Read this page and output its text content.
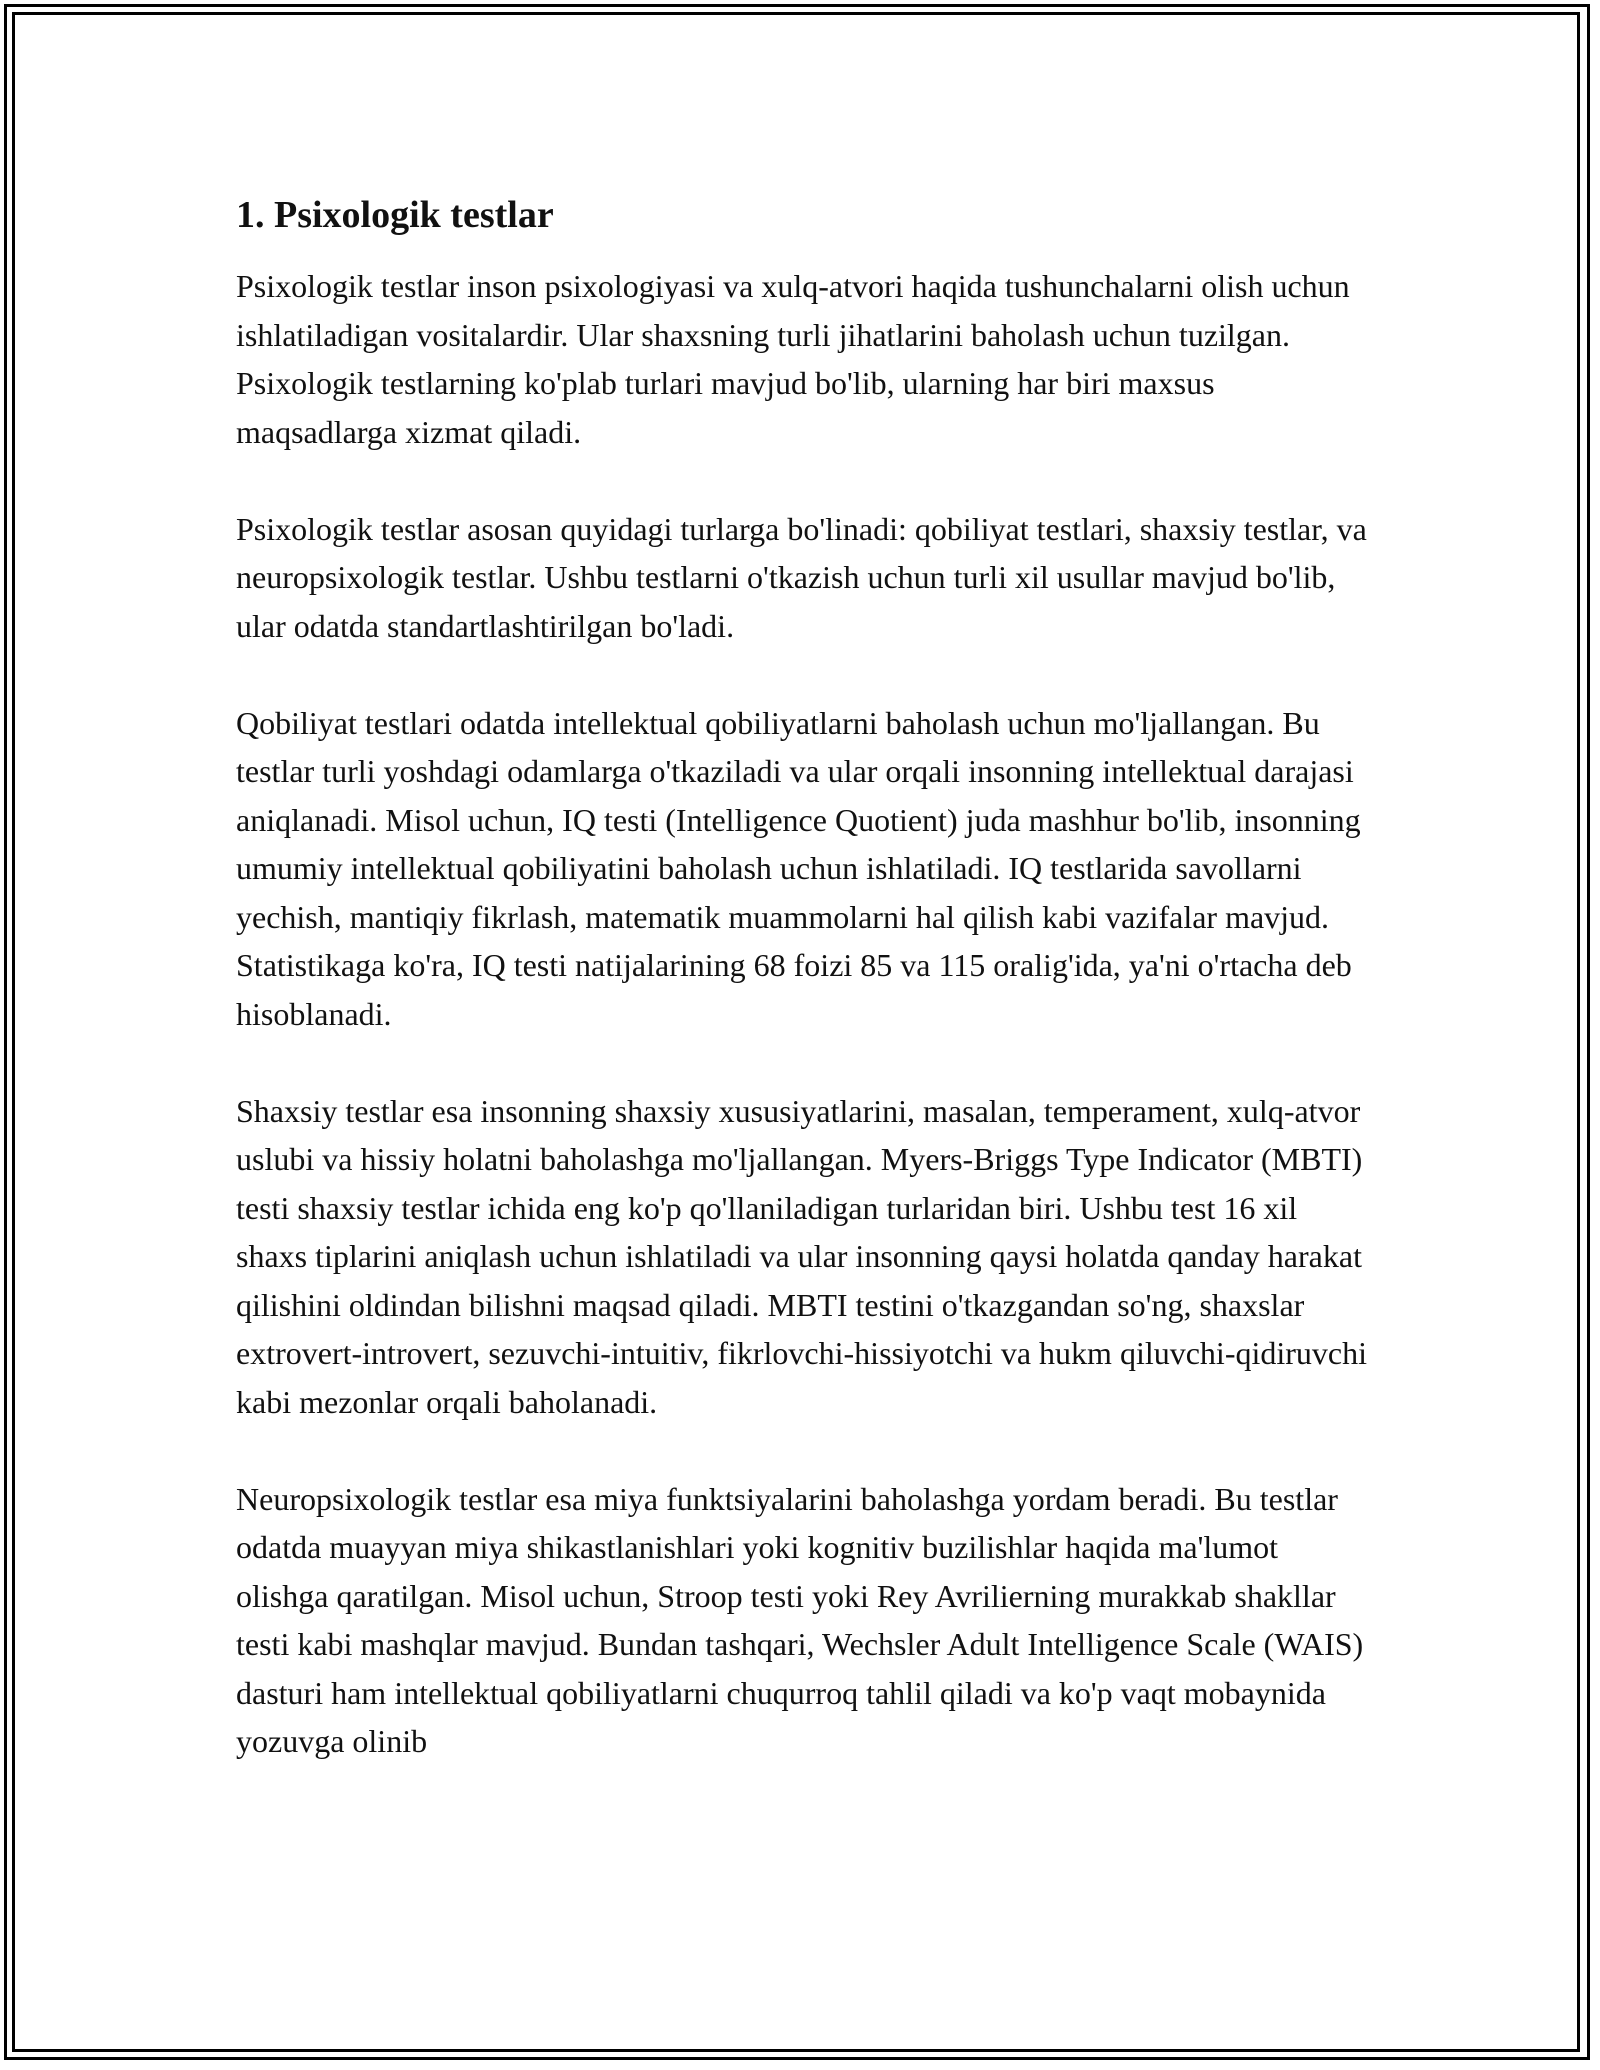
1. Psixologik testlar

Psixologik testlar inson psixologiyasi va xulq-atvori haqida tushunchalarni olish uchun ishlatiladigan vositalardir. Ular shaxsning turli jihatlarini baholash uchun tuzilgan. Psixologik testlarning ko'plab turlari mavjud bo'lib, ularning har biri maxsus maqsadlarga xizmat qiladi.

Psixologik testlar asosan quyidagi turlarga bo'linadi: qobiliyat testlari, shaxsiy testlar, va neuropsixologik testlar. Ushbu testlarni o'tkazish uchun turli xil usullar mavjud bo'lib, ular odatda standartlashtirilgan bo'ladi.

Qobiliyat testlari odatda intellektual qobiliyatlarni baholash uchun mo'ljallangan. Bu testlar turli yoshdagi odamlarga o'tkaziladi va ular orqali insonning intellektual darajasi aniqlanadi. Misol uchun, IQ testi (Intelligence Quotient) juda mashhur bo'lib, insonning umumiy intellektual qobiliyatini baholash uchun ishlatiladi. IQ testlarida savollarni yechish, mantiqiy fikrlash, matematik muammolarni hal qilish kabi vazifalar mavjud. Statistikaga ko'ra, IQ testi natijalarining 68 foizi 85 va 115 oralig'ida, ya'ni o'rtacha deb hisoblanadi.

Shaxsiy testlar esa insonning shaxsiy xususiyatlarini, masalan, temperament, xulq-atvor uslubi va hissiy holatni baholashga mo'ljallangan. Myers-Briggs Type Indicator (MBTI) testi shaxsiy testlar ichida eng ko'p qo'llaniladigan turlaridan biri. Ushbu test 16 xil shaxs tiplarini aniqlash uchun ishlatiladi va ular insonning qaysi holatda qanday harakat qilishini oldindan bilishni maqsad qiladi. MBTI testini o'tkazgandan so'ng, shaxslar extrovert-introvert, sezuvchi-intuitiv, fikrlovchi-hissiyotchi va hukm qiluvchi-qidiruvchi kabi mezonlar orqali baholanadi.

Neuropsixologik testlar esa miya funktsiyalarini baholashga yordam beradi. Bu testlar odatda muayyan miya shikastlanishlari yoki kognitiv buzilishlar haqida ma'lumot olishga qaratilgan. Misol uchun, Stroop testi yoki Rey Avrilierning murakkab shakllar testi kabi mashqlar mavjud. Bundan tashqari, Wechsler Adult Intelligence Scale (WAIS) dasturi ham intellektual qobiliyatlarni chuqurroq tahlil qiladi va ko'p vaqt mobaynida yozuvga olinib
